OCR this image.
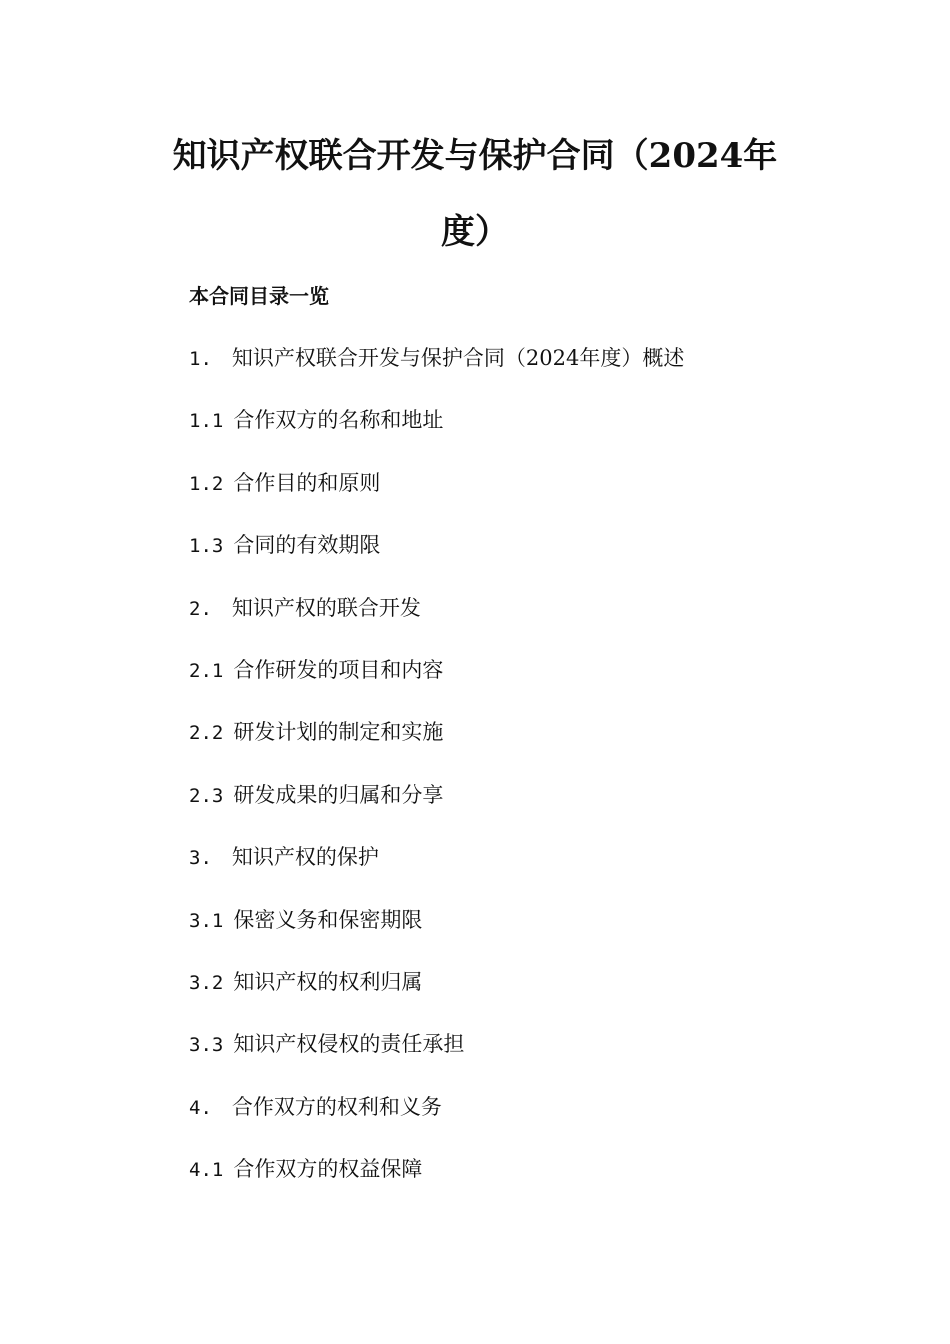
知识产权联合开发与保护合同（2024年度）
本合同目录一览
1. 知识产权联合开发与保护合同（2024年度）概述
1.1 合作双方的名称和地址
1.2 合作目的和原则
1.3 合同的有效期限
2. 知识产权的联合开发
2.1 合作研发的项目和内容
2.2 研发计划的制定和实施
2.3 研发成果的归属和分享
3. 知识产权的保护
3.1 保密义务和保密期限
3.2 知识产权的权利归属
3.3 知识产权侵权的责任承担
4. 合作双方的权利和义务
4.1 合作双方的权益保障
